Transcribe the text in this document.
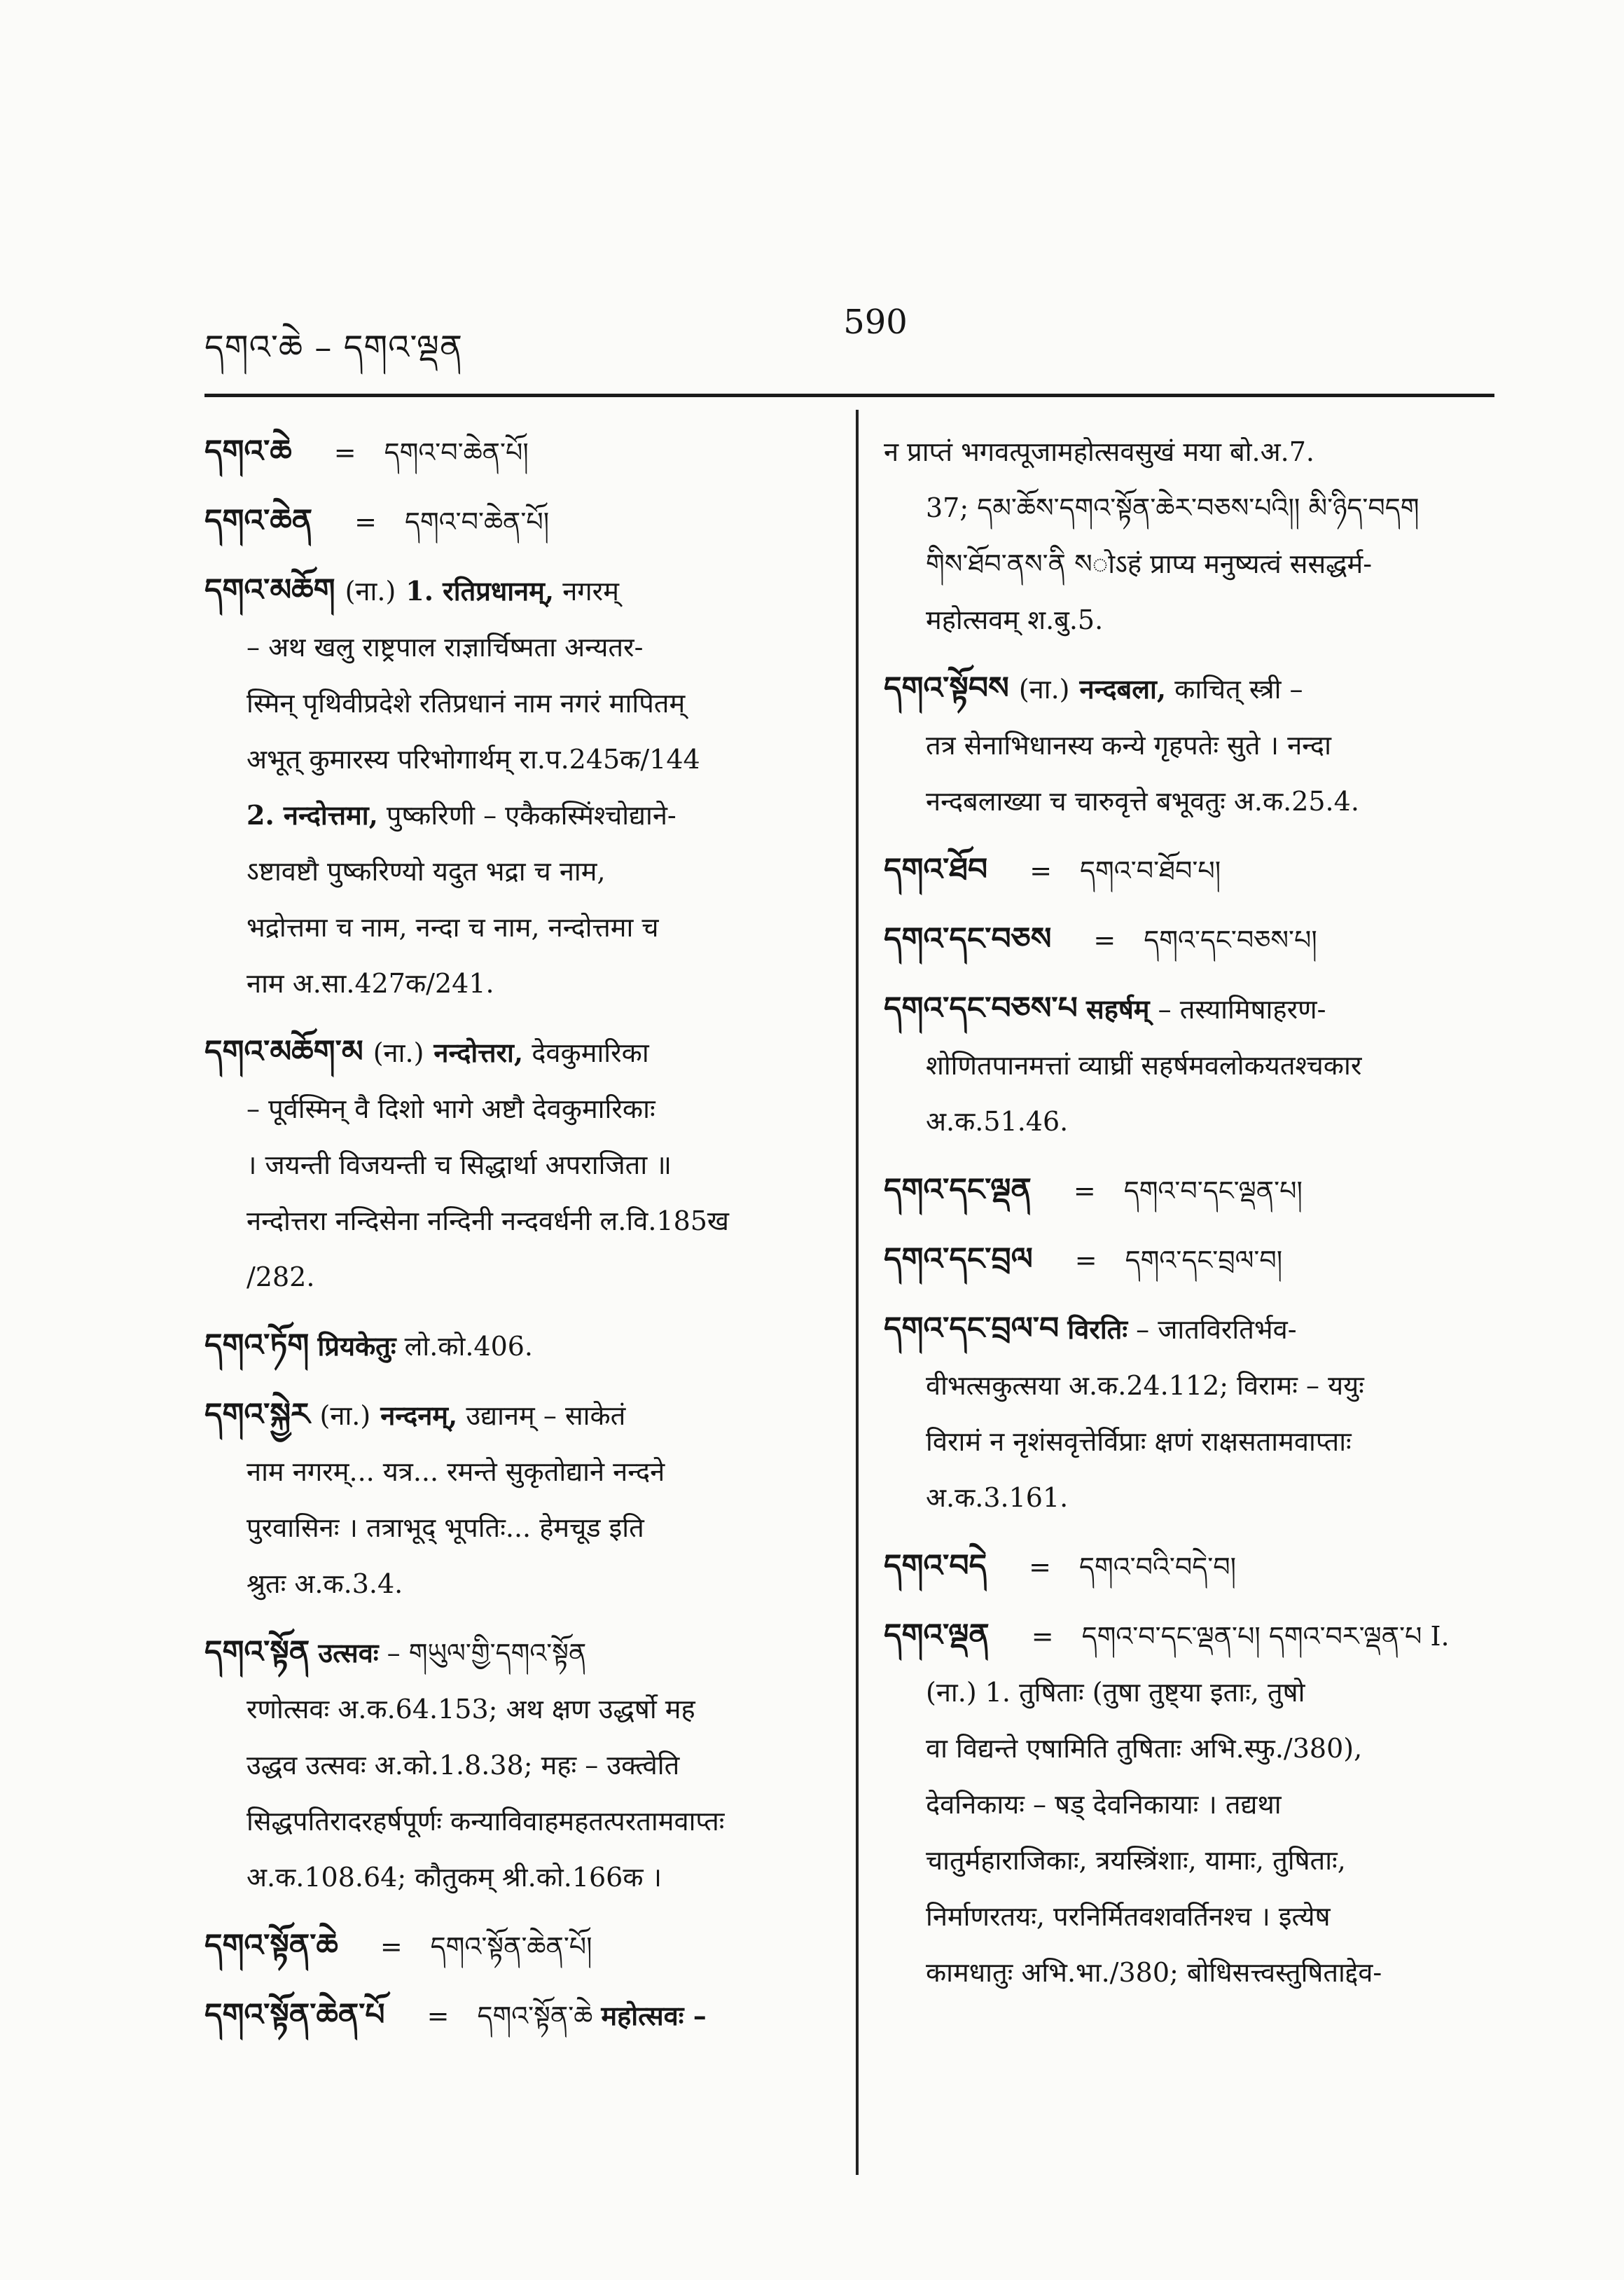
དགའ་ཆེ – དགའ་ལྡན
590
དགའ་ཆེ = དགའ་བ་ཆེན་པོ།
དགའ་ཆེན = དགའ་བ་ཆེན་པོ།
དགའ་མཆོག (ना.) 1. रतिप्रधानम्, नगरम्
– अथ खलु राष्ट्रपाल राज्ञार्चिष्मता अन्यतर-
स्मिन् पृथिवीप्रदेशे रतिप्रधानं नाम नगरं मापितम्
अभूत् कुमारस्य परिभोगार्थम् रा.प.245क/144
2. नन्दोत्तमा, पुष्करिणी – एकैकस्मिंश्चोद्याने-
ऽष्टावष्टौ पुष्करिण्यो यदुत भद्रा च नाम,
भद्रोत्तमा च नाम, नन्दा च नाम, नन्दोत्तमा च
नाम अ.सा.427क/241.
དགའ་མཆོག་མ (ना.) नन्दोत्तरा, देवकुमारिका
– पूर्वस्मिन् वै दिशो भागे अष्टौ देवकुमारिकाः
। जयन्ती विजयन्ती च सिद्धार्था अपराजिता ॥
नन्दोत्तरा नन्दिसेना नन्दिनी नन्दवर्धनी ल.वि.185ख
/282.
དགའ་ཏོག प्रियकेतुः लो.को.406.
དགའ་སྐྱེར (ना.) नन्दनम्, उद्यानम् – साकेतं
नाम नगरम्... यत्र... रमन्ते सुकृतोद्याने नन्दने
पुरवासिनः । तत्राभूद् भूपतिः... हेमचूड इति
श्रुतः अ.क.3.4.
དགའ་སྟོན उत्सवः – གཡུལ་གྱི་དགའ་སྟོན
रणोत्सवः अ.क.64.153; अथ क्षण उद्धर्षो मह
उद्धव उत्सवः अ.को.1.8.38; महः – उक्त्वेति
सिद्धपतिरादरहर्षपूर्णः कन्याविवाहमहतत्परतामवाप्तः
अ.क.108.64; कौतुकम् श्री.को.166क ।
དགའ་སྟོན་ཆེ = དགའ་སྟོན་ཆེན་པོ།
དགའ་སྟོན་ཆེན་པོ = དགའ་སྟོན་ཆེ महोत्सवः –
न प्राप्तं भगवत्पूजामहोत्सवसुखं मया बो.अ.7.
37; དམ་ཆོས་དགའ་སྟོན་ཆེར་བཅས་པའི།། མི་ཉིད་བདག
གིས་ཐོབ་ནས་ནི སोऽहं प्राप्य मनुष्यत्वं ससद्धर्म-
महोत्सवम् श.बु.5.
དགའ་སྟོབས (ना.) नन्दबला, काचित् स्त्री –
तत्र सेनाभिधानस्य कन्ये गृहपतेः सुते । नन्दा
नन्दबलाख्या च चारुवृत्ते बभूवतुः अ.क.25.4.
དགའ་ཐོབ = དགའ་བ་ཐོབ་པ།
དགའ་དང་བཅས = དགའ་དང་བཅས་པ།
དགའ་དང་བཅས་པ सहर्षम् – तस्यामिषाहरण-
शोणितपानमत्तां व्याघ्रीं सहर्षमवलोकयतश्चकार
अ.क.51.46.
དགའ་དང་ལྡན = དགའ་བ་དང་ལྡན་པ།
དགའ་དང་བྲལ = དགའ་དང་བྲལ་བ།
དགའ་དང་བྲལ་བ विरतिः – जातविरतिर्भव-
वीभत्सकुत्सया अ.क.24.112; विरामः – ययुः
विरामं न नृशंसवृत्तेर्विप्राः क्षणं राक्षसतामवाप्ताः
अ.क.3.161.
དགའ་བདེ = དགའ་བའི་བདེ་བ།
དགའ་ལྡན = དགའ་བ་དང་ལྡན་པ། དགའ་བར་ལྡན་པ I.
(ना.) 1. तुषिताः (तुषा तुष्ट्या इताः, तुषो
वा विद्यन्ते एषामिति तुषिताः अभि.स्फु./380),
देवनिकायः – षड् देवनिकायाः । तद्यथा
चातुर्महाराजिकाः, त्रयस्त्रिंशाः, यामाः, तुषिताः,
निर्माणरतयः, परनिर्मितवशवर्तिनश्च । इत्येष
कामधातुः अभि.भा./380; बोधिसत्त्वस्तुषिताद्देव-
